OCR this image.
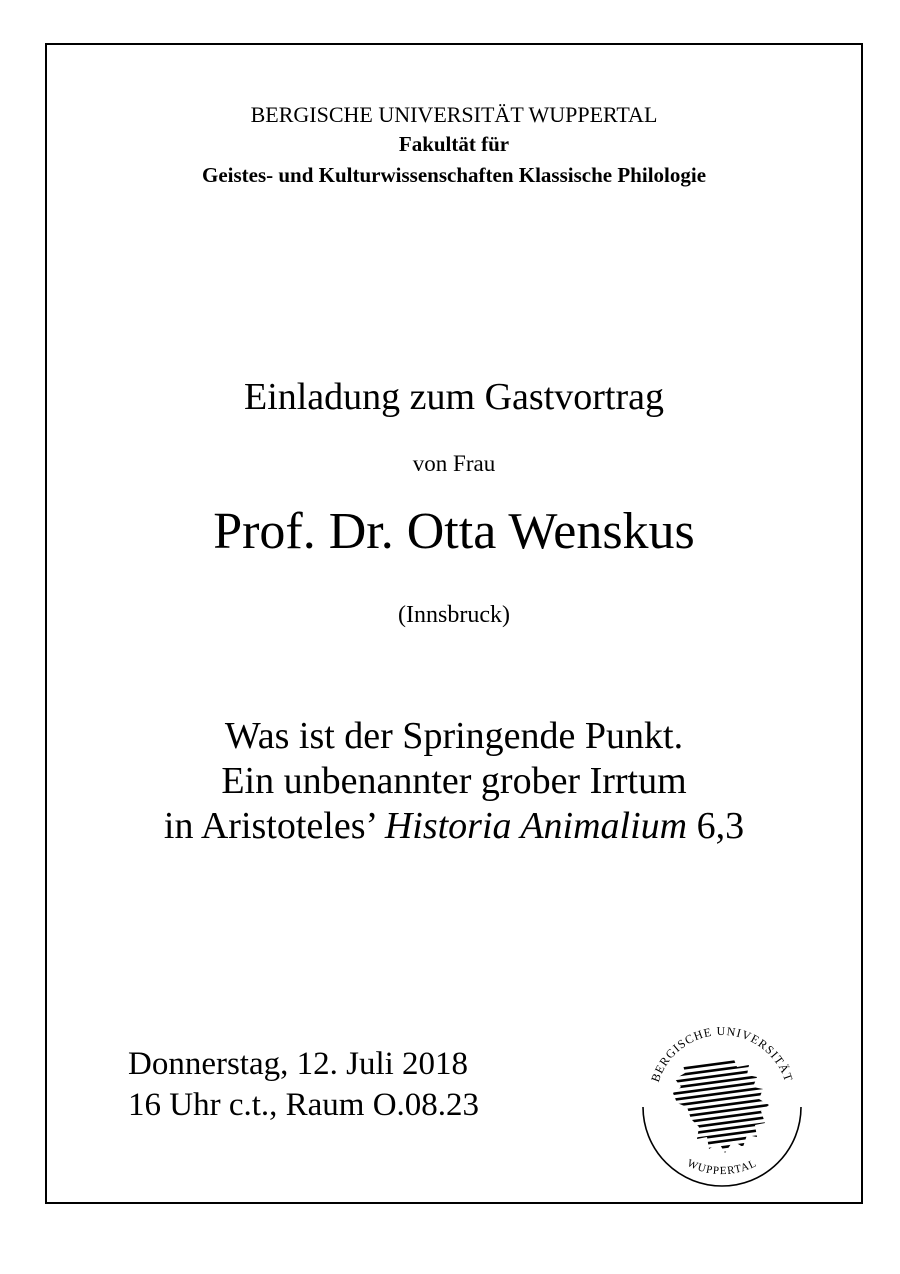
BERGISCHE UNIVERSITÄT WUPPERTAL
Fakultät für
Geistes- und Kulturwissenschaften Klassische Philologie
Einladung zum Gastvortrag
von Frau
Prof. Dr. Otta Wenskus
(Innsbruck)
Was ist der Springende Punkt.
Ein unbenannter grober Irrtum
in Aristoteles’ Historia Animalium 6,3
Donnerstag, 12. Juli 2018
16 Uhr c.t., Raum O.08.23
BERGISCHE UNIVERSITÄT
WUPPERTAL
